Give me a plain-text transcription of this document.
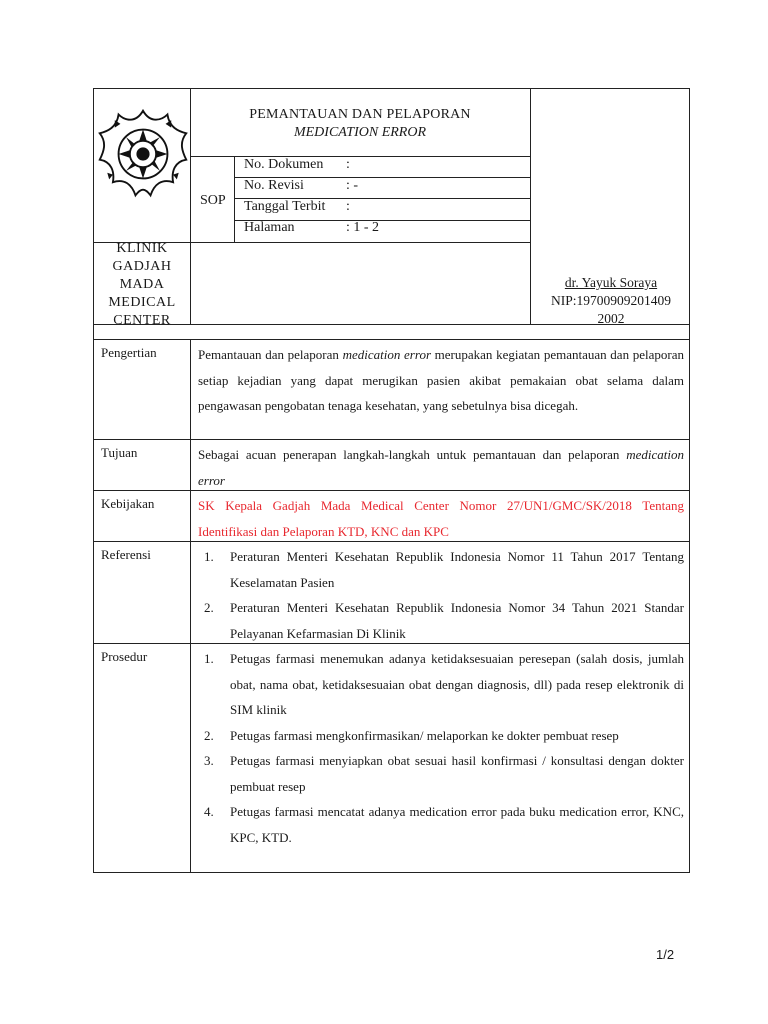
PEMANTAUAN DAN PELAPORAN
MEDICATION ERROR
SOP
No. Dokumen :
No. Revisi	: -
Tanggal Terbit :
Halaman	: 1 - 2
KLINIK
GADJAH
MADA
MEDICAL
CENTER
dr. Yayuk Soraya
NIP:19700909201409
2002
Pengertian	Pemantauan dan pelaporan medication error merupakan kegiatan pemantauan dan pelaporan setiap kejadian yang dapat merugikan pasien akibat pemakaian obat selama dalam pengawasan pengobatan tenaga kesehatan, yang sebetulnya bisa dicegah.
Tujuan	Sebagai acuan penerapan langkah-langkah untuk pemantauan dan pelaporan medication error
Kebijakan	SK Kepala Gadjah Mada Medical Center Nomor 27/UN1/GMC/SK/2018 Tentang Identifikasi dan Pelaporan KTD, KNC dan KPC
Referensi	1. Peraturan Menteri Kesehatan Republik Indonesia Nomor 11 Tahun 2017 Tentang Keselamatan Pasien
2. Peraturan Menteri Kesehatan Republik Indonesia Nomor 34 Tahun 2021 Standar Pelayanan Kefarmasian Di Klinik
Prosedur	1. Petugas farmasi menemukan adanya ketidaksesuaian peresepan (salah dosis, jumlah obat, nama obat, ketidaksesuaian obat dengan diagnosis, dll) pada resep elektronik di SIM klinik
2. Petugas farmasi mengkonfirmasikan/ melaporkan ke dokter pembuat resep
3. Petugas farmasi menyiapkan obat sesuai hasil konfirmasi / konsultasi dengan dokter pembuat resep
4. Petugas farmasi mencatat adanya medication error pada buku medication error, KNC, KPC, KTD.
1/2
